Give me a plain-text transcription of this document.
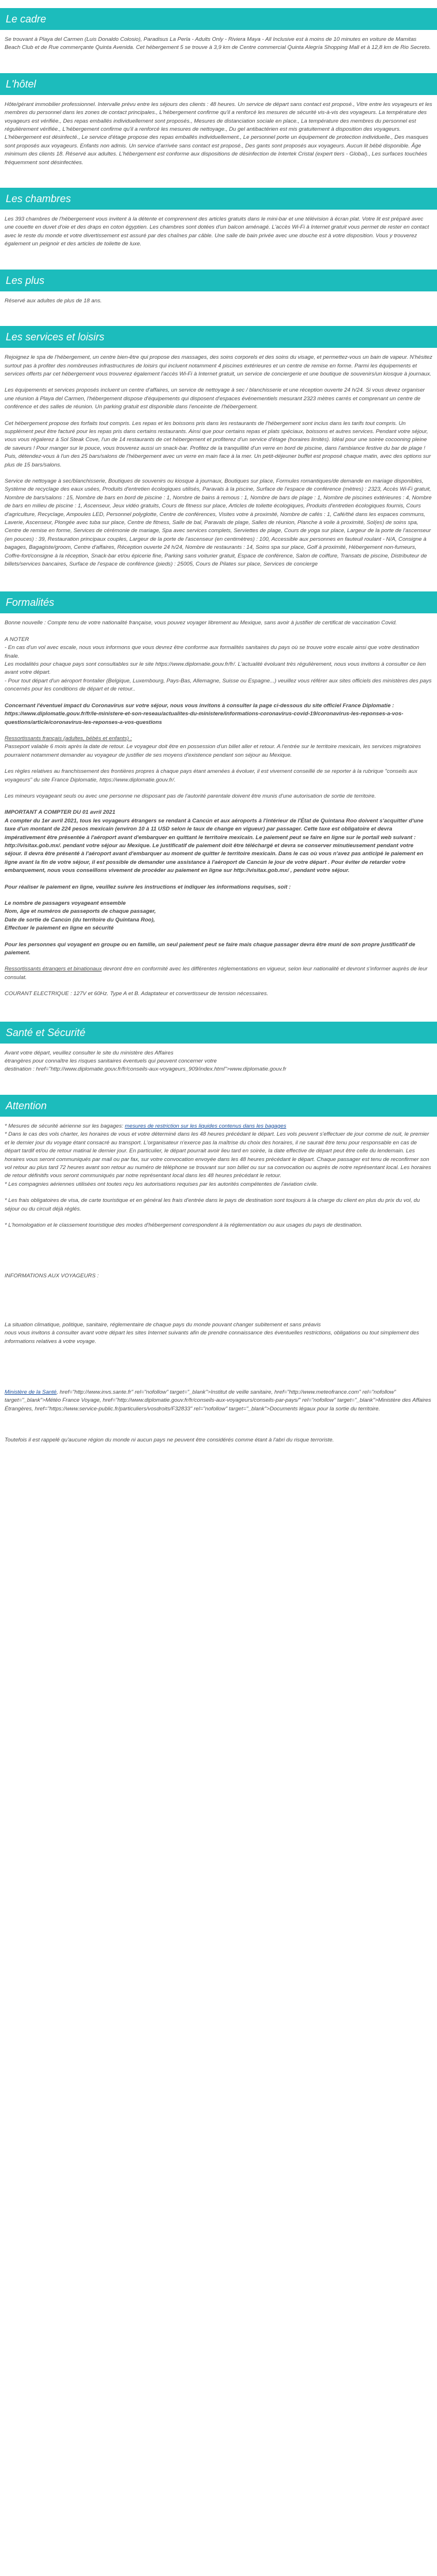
Le cadre
Se trouvant à Playa del Carmen (Luis Donaldo Colosio), Paradisus La Perla - Adults Only - Riviera Maya - All Inclusive est à moins de 10 minutes en voiture de Mamitas Beach Club et de Rue commerçante Quinta Avenida. Cet hébergement 5 se trouve à 3,9 km de Centre commercial Quinta Alegría Shopping Mall et à 12,8 km de Rio Secreto.
L'hôtel
Hôte/gérant immobilier professionnel. Intervalle prévu entre les séjours des clients : 48 heures. Un service de départ sans contact est proposé., Vitre entre les voyageurs et les membres du personnel dans les zones de contact principales., L'hébergement confirme qu'il a renforcé les mesures de sécurité vis-à-vis des voyageurs. La température des voyageurs est vérifiée., Des repas emballés individuellement sont proposés., Mesures de distanciation sociale en place., La température des membres du personnel est régulièrement vérifiée., L'hébergement confirme qu'il a renforcé les mesures de nettoyage., Du gel antibactérien est mis gratuitement à disposition des voyageurs. L'hébergement est désinfecté., Le service d'étage propose des repas emballés individuellement., Le personnel porte un équipement de protection individuelle., Des masques sont proposés aux voyageurs. Enfants non admis. Un service d'arrivée sans contact est proposé., Des gants sont proposés aux voyageurs. Aucun lit bébé disponible. Âge minimum des clients 18. Réservé aux adultes. L'hébergement est conforme aux dispositions de désinfection de Intertek Cristal (expert tiers - Global)., Les surfaces touchées fréquemment sont désinfectées.
Les chambres
Les 393 chambres de l'hébergement vous invitent à la détente et comprennent des articles gratuits dans le mini-bar et une télévision à écran plat. Votre lit est préparé avec une couette en duvet d'oie et des draps en coton égyptien. Les chambres sont dotées d'un balcon aménagé. L'accès Wi-Fi à Internet gratuit vous permet de rester en contact avec le reste du monde et votre divertissement est assuré par des chaînes par câble. Une salle de bain privée avec une douche est à votre disposition. Vous y trouverez également un peignoir et des articles de toilette de luxe.
Les plus
Réservé aux adultes de plus de 18 ans.
Les services et loisirs
Rejoignez le spa de l'hébergement, un centre bien-être qui propose des massages, des soins corporels et des soins du visage, et permettez-vous un bain de vapeur. N'hésitez surtout pas à profiter des nombreuses infrastructures de loisirs qui incluent notamment 4 piscines extérieures et un centre de remise en forme. Parmi les équipements et services offerts par cet hébergement vous trouverez également l'accès Wi-Fi à Internet gratuit, un service de conciergerie et une boutique de souvenirs/un kiosque à journaux.
Les équipements et services proposés incluent un centre d'affaires, un service de nettoyage à sec / blanchisserie et une réception ouverte 24 h/24. Si vous devez organiser une réunion à Playa del Carmen, l'hébergement dispose d'équipements qui disposent d'espaces événementiels mesurant 2323 mètres carrés et comprenant un centre de conférence et des salles de réunion. Un parking gratuit est disponible dans l'enceinte de l'hébergement.
Cet hébergement propose des forfaits tout compris. Les repas et les boissons pris dans les restaurants de l'hébergement sont inclus dans les tarifs tout compris. Un supplément peut être facturé pour les repas pris dans certains restaurants. Ainsi que pour certains repas et plats spéciaux, boissons et autres services. Pendant votre séjour, vous vous régalerez à Sol Steak Cove, l'un de 14 restaurants de cet hébergement et profiterez d'un service d'étage (horaires limités). Idéal pour une soirée cocooning pleine de saveurs ! Pour manger sur le pouce, vous trouverez aussi un snack-bar. Profitez de la tranquillité d'un verre en bord de piscine, dans l'ambiance festive du bar de plage ! Puis, détendez-vous à l'un des 25 bars/salons de l'hébergement avec un verre en main face à la mer. Un petit-déjeuner buffet est proposé chaque matin, avec des options sur plus de 15 bars/salons.
Service de nettoyage à sec/blanchisserie, Boutiques de souvenirs ou kiosque à journaux, Boutiques sur place, Formules romantiques/de demande en mariage disponibles, Système de recyclage des eaux usées, Produits d'entretien écologiques utilisés, Paravals à la piscine, Surface de l'espace de conférence (mètres) : 2323, Accès Wi-Fi gratuit, Nombre de bars/salons : 15, Nombre de bars en bord de piscine : 1, Nombre de bains à remous : 1, Nombre de bars de plage : 1, Nombre de piscines extérieures : 4, Nombre de bars en milieu de piscine : 1, Ascenseur, Jeux vidéo gratuits, Cours de fitness sur place, Articles de toilette écologiques, Produits d'entretien écologiques fournis, Cours d'agriculture, Recyclage, Ampoules LED, Personnel polyglotte, Centre de conférences, Visites votre à proximité, Nombre de cafés : 1, Café/thé dans les espaces communs, Laverie, Ascenseur, Plongée avec tuba sur place, Centre de fitness, Salle de bal, Paravals de plage, Salles de réunion, Planche à voile à proximité, Sol(es) de soins spa, Centre de remise en forme, Services de cérémonie de mariage, Spa avec services complets, Serviettes de plage, Cours de yoga sur place, Largeur de la porte de l'ascenseur (en pouces) : 39, Restauration principaux couples, Largeur de la porte de l'ascenseur (en centimètres) : 100, Accessible aux personnes en fauteuil roulant - N/A, Consigne à bagages, Bagagiste/groom, Centre d'affaires, Réception ouverte 24 h/24, Nombre de restaurants : 14, Soins spa sur place, Golf à proximité, Hébergement non-fumeurs, Coffre-fort/consigne à la réception, Snack-bar et/ou épicerie fine, Parking sans voiturier gratuit, Espace de conférence, Salon de coiffure, Transats de piscine, Distributeur de billets/services bancaires, Surface de l'espace de conférence (pieds) : 25005, Cours de Pilates sur place, Services de concierge
Formalités
Bonne nouvelle : Compte tenu de votre nationalité française, vous pouvez voyager librement au Mexique, sans avoir à justifier de certificat de vaccination Covid.
A NOTER
- En cas d'un vol avec escale, nous vous informons que vous devrez être conforme aux formalités sanitaires du pays où se trouve votre escale ainsi que votre destination finale.
Les modalités pour chaque pays sont consultables sur le site https://www.diplomatie.gouv.fr/fr/. L'actualité évoluant très régulièrement, nous vous invitons à consulter ce lien avant votre départ.
- Pour tout départ d'un aéroport frontalier (Belgique, Luxembourg, Pays-Bas, Allemagne, Suisse ou Espagne...) veuillez vous référer aux sites officiels des ministères des pays concernés pour les conditions de départ et de retour..
Concernant l'éventuel impact du Coronavirus sur votre séjour, nous vous invitons à consulter la page ci-dessous du site officiel France Diplomatie :
https://www.diplomatie.gouv.fr/fr/le-ministere-et-son-reseau/actualites-du-ministere/informations-coronavirus-covid-19/coronavirus-les-reponses-a-vos-questions/article/coronavirus-les-reponses-a-vos-questions
Ressortissants français (adultes, bébés et enfants) :
Passeport valable 6 mois après la date de retour. Le voyageur doit être en possession d'un billet aller et retour. A l'entrée sur le territoire mexicain, les services migratoires pourraient notamment demander au voyageur de justifier de ses moyens d'existence pendant son séjour au Mexique.
Les règles relatives au franchissement des frontières propres à chaque pays étant amenées à évoluer, il est vivement conseillé de se reporter à la rubrique "conseils aux voyageurs" du site France Diplomatie, https://www.diplomatie.gouv.fr/.
Les mineurs voyageant seuls ou avec une personne ne disposant pas de l'autorité parentale doivent être munis d'une autorisation de sortie de territoire.
IMPORTANT A COMPTER DU 01 avril 2021
A compter du 1er avril 2021, tous les voyageurs étrangers se rendant à Cancún et aux aéroports à l'intérieur de l'État de Quintana Roo doivent s'acquitter d'une taxe d'un montant de 224 pesos mexicain (environ 10 à 11 USD selon le taux de change en vigueur) par passager. Cette taxe est obligatoire et devra impérativement être présentée à l'aéroport avant d'embarquer en quittant le territoire mexicain. Le paiement peut se faire en ligne sur le portail web suivant : http://visitax.gob.mx/. pendant votre séjour au Mexique. Le justificatif de paiement doit être téléchargé et devra se conserver minutieusement pendant votre séjour. Il devra être présenté à l'aéroport avant d'embarquer au moment de quitter le territoire mexicain. Dans le cas où vous n'avez pas anticipé le paiement en ligne avant la fin de votre séjour, il est possible de demander une assistance à l'aéroport de Cancún le jour de votre départ . Pour éviter de retarder votre embarquement, nous vous conseillons vivement de procéder au paiement en ligne sur http://visitax.gob.mx/ , pendant votre séjour.
Pour réaliser le paiement en ligne, veuillez suivre les instructions et indiquer les informations requises, soit :
Le nombre de passagers voyageant ensemble
Nom, âge et numéros de passeports de chaque passager,
Date de sortie de Cancún (du territoire du Quintana Roo),
Effectuer le paiement en ligne en sécurité
Pour les personnes qui voyagent en groupe ou en famille, un seul paiement peut se faire mais chaque passager devra être muni de son propre justificatif de paiement.
Ressortissants étrangers et binationaux devront être en conformité avec les différentes réglementations en vigueur, selon leur nationalité et devront s'informer auprès de leur consulat.
COURANT ELECTRIQUE : 127V et 60Hz. Type A et B. Adaptateur et convertisseur de tension nécessaires.
Santé et Sécurité
Avant votre départ, veuillez consulter le site du ministère des Affaires
étrangères pour connaître les risques sanitaires éventuels qui peuvent concerner votre
destination : href="http://www.diplomatie.gouv.fr/fr/conseils-aux-voyageurs_909/index.html">www.diplomatie.gouv.fr
Attention
* Mesures de sécurité aérienne sur les bagages: mesures de restriction sur les liquides contenus dans les bagages
* Dans le cas des vols charter, les horaires de vous et votre déterminé dans les 48 heures précédant le départ. Les vols peuvent s'effectuer de jour comme de nuit, le premier et le dernier jour du voyage étant consacré au transport. L'organisateur n'exerce pas la maîtrise du choix des horaires, il ne saurait être tenu pour responsable en cas de départ tardif et/ou de retour matinal le dernier jour. En particulier, le départ pourrait avoir lieu tard en soirée, la date effective de départ peut être celle du lendemain. Les horaires vous seront communiqués par mail ou par fax, sur votre convocation envoyée dans les 48 heures précédant le départ. Chaque passager est tenu de reconfirmer son vol retour au plus tard 72 heures avant son retour au numéro de téléphone se trouvant sur son billet ou sur sa convocation ou auprès de notre représentant local. Les horaires de retour définitifs vous seront communiqués par notre représentant local dans les 48 heures précédant le retour.
* Les compagnies aériennes utilisées ont toutes reçu les autorisations requises par les autorités compétentes de l'aviation civile.
* Les frais obligatoires de visa, de carte touristique et en général les frais d'entrée dans le pays de destination sont toujours à la charge du client en plus du prix du vol, du séjour ou du circuit déjà réglés.
* L'homologation et le classement touristique des modes d'hébergement correspondent à la réglementation ou aux usages du pays de destination.
INFORMATIONS AUX VOYAGEURS :
La situation climatique, politique, sanitaire, réglementaire de chaque pays du monde pouvant changer subitement et sans préavis
nous vous invitons à consulter avant votre départ les sites Internet suivants afin de prendre connaissance des éventuelles restrictions, obligations ou tout simplement des informations relatives à votre voyage.
Ministère de la Santé, href="http://www.invs.sante.fr" rel="nofollow" target="_blank">Institut de veille sanitaire, href="http://www.meteofrance.com" rel="nofollow" target="_blank">Météo France Voyage, href="http://www.diplomatie.gouv.fr/fr/conseils-aux-voyageurs/conseils-par-pays/" rel="nofollow" target="_blank">Ministère des Affaires Étrangères, href="https://www.service-public.fr/particuliers/vosdroits/F32833" rel="nofollow" target="_blank">Documents légaux pour la sortie du territoire.
Toutefois il est rappelé qu'aucune région du monde ni aucun pays ne peuvent être considérés comme étant à l'abri du risque terroriste.
